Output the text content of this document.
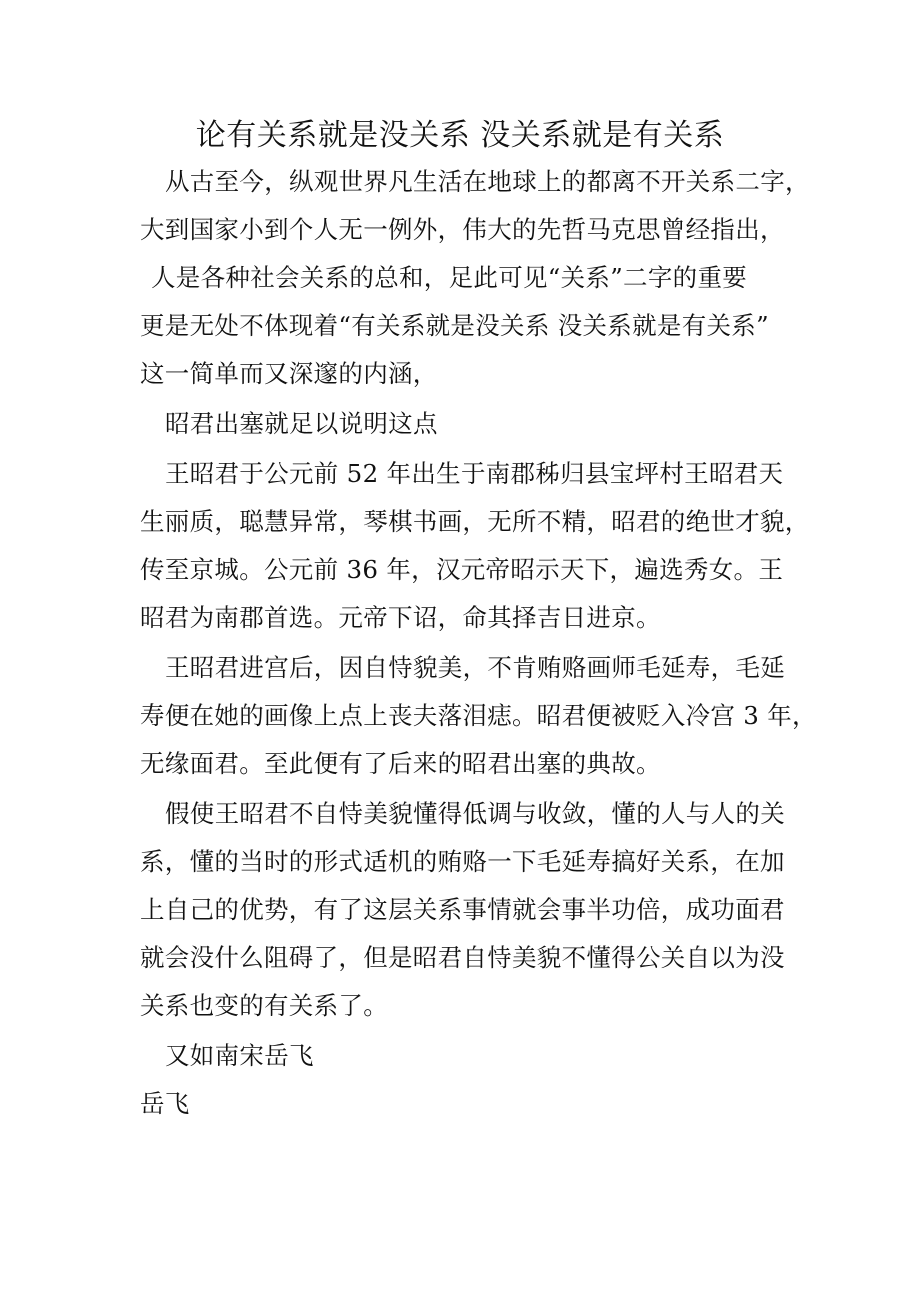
论有关系就是没关系 没关系就是有关系
从古至今，纵观世界凡生活在地球上的都离不开关系二字，
大到国家小到个人无一例外，伟大的先哲马克思曾经指出，
人是各种社会关系的总和，足此可见“关系”二字的重要
更是无处不体现着“有关系就是没关系 没关系就是有关系”
这一简单而又深邃的内涵，
昭君出塞就足以说明这点
王昭君于公元前 52 年出生于南郡秭归县宝坪村王昭君天
生丽质，聪慧异常，琴棋书画，无所不精，昭君的绝世才貌，
传至京城。公元前 36 年，汉元帝昭示天下，遍选秀女。王
昭君为南郡首选。元帝下诏，命其择吉日进京。
王昭君进宫后，因自恃貌美，不肯贿赂画师毛延寿，毛延
寿便在她的画像上点上丧夫落泪痣。昭君便被贬入冷宫 3 年，
无缘面君。至此便有了后来的昭君出塞的典故。
假使王昭君不自恃美貌懂得低调与收敛，懂的人与人的关
系，懂的当时的形式适机的贿赂一下毛延寿搞好关系，在加
上自己的优势，有了这层关系事情就会事半功倍，成功面君
就会没什么阻碍了，但是昭君自恃美貌不懂得公关自以为没
关系也变的有关系了。
又如南宋岳飞
岳飞
